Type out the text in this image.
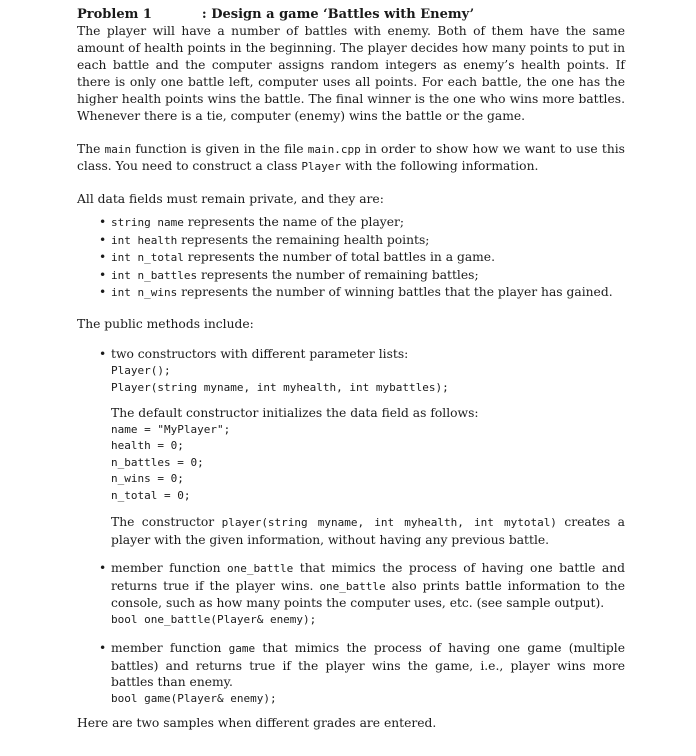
Problem 1	: Design a game ‘Battles with Enemy’

The player will have a number of battles with enemy. Both of them have the same amount of health points in the beginning. The player decides how many points to put in each battle and the computer assigns random integers as enemy’s health points. If there is only one battle left, computer uses all points. For each battle, the one has the higher health points wins the battle. The final winner is the one who wins more battles. Whenever there is a tie, computer (enemy) wins the battle or the game.

The main function is given in the file main.cpp in order to show how we want to use this class. You need to construct a class Player with the following information.

All data fields must remain private, and they are:

• string name represents the name of the player;
• int health represents the remaining health points;
• int n_total represents the number of total battles in a game.
• int n_battles represents the number of remaining battles;
• int n_wins represents the number of winning battles that the player has gained.

The public methods include:

• two constructors with different parameter lists:
Player();
Player(string myname, int myhealth, int mybattles);
The default constructor initializes the data field as follows:
name = "MyPlayer";
health = 0;
n_battles = 0;
n_wins = 0;
n_total = 0;
The constructor player(string myname, int myhealth, int mytotal) creates a player with the given information, without having any previous battle.
• member function one_battle that mimics the process of having one battle and returns true if the player wins. one_battle also prints battle information to the console, such as how many points the computer uses, etc. (see sample output).
bool one_battle(Player& enemy);
• member function game that mimics the process of having one game (multiple battles) and returns true if the player wins the game, i.e., player wins more battles than enemy.
bool game(Player& enemy);

Here are two samples when different grades are entered.
